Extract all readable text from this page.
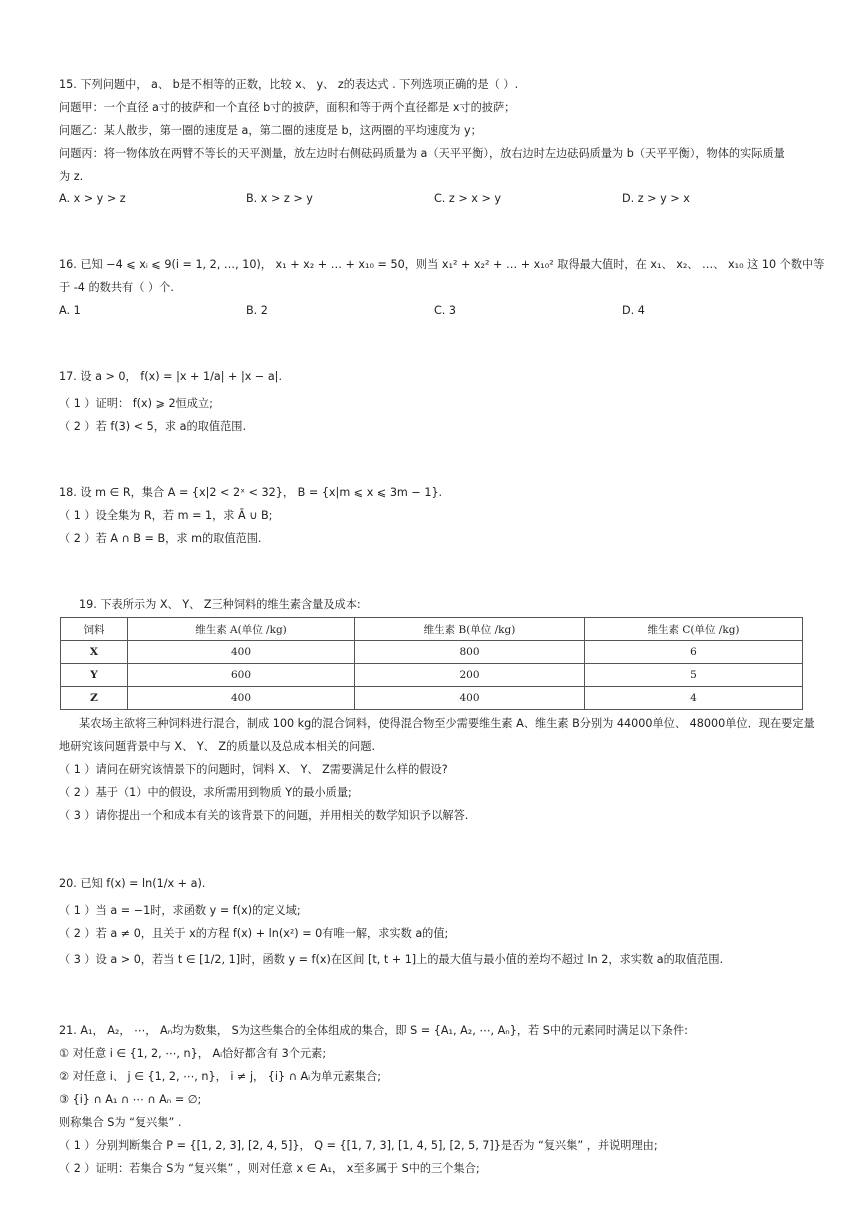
15. 下列问题中， a、 b是不相等的正数，比较 x、 y、 z的表达式 . 下列选项正确的是（ ）.
问题甲：一个直径 a寸的披萨和一个直径 b寸的披萨，面积和等于两个直径都是 x寸的披萨；
问题乙：某人散步，第一圈的速度是 a，第二圈的速度是 b，这两圈的平均速度为 y；
问题丙：将一物体放在两臂不等长的天平测量，放左边时右侧砝码质量为 a（天平平衡），放右边时左边砝码质量为 b（天平平衡），物体的实际质量
为 z.
A. x > y > z	B. x > z > y	C. z > x > y	D. z > y > x
16. 已知 −4 ⩽ xᵢ ⩽ 9(i = 1, 2, …, 10)， x₁ + x₂ + … + x₁₀ = 50，则当 x₁² + x₂² + … + x₁₀² 取得最大值时，在 x₁、 x₂、 …、 x₁₀ 这 10 个数中等
于 -4 的数共有（ ）个.
A. 1	B. 2	C. 3	D. 4
17. 设 a > 0， f(x) = |x + 1/a| + |x − a|.
（ 1 ）证明： f(x) ⩾ 2恒成立;
（ 2 ）若 f(3) < 5，求 a的取值范围.
18. 设 m ∈ R，集合 A = {x|2 < 2ˣ < 32}， B = {x|m ⩽ x ⩽ 3m − 1}.
（ 1 ）设全集为 R，若 m = 1，求 Ā ∪ B;
（ 2 ）若 A ∩ B = B，求 m的取值范围.
19. 下表所示为 X、 Y、 Z三种饲料的维生素含量及成本:
饲料	维生素 A(单位 /kg)	维生素 B(单位 /kg)	维生素 C(单位 /kg)
X	400	800	6
Y	600	200	5
Z	400	400	4
某农场主欲将三种饲料进行混合，制成 100 kg的混合饲料，使得混合物至少需要维生素 A、维生素 B分别为 44000单位、 48000单位．现在要定量
地研究该问题背景中与 X、 Y、 Z的质量以及总成本相关的问题.
（ 1 ）请问在研究该情景下的问题时，饲料 X、 Y、 Z需要满足什么样的假设?
（ 2 ）基于（1）中的假设，求所需用到物质 Y的最小质量;
（ 3 ）请你提出一个和成本有关的该背景下的问题，并用相关的数学知识予以解答.
20. 已知 f(x) = ln(1/x + a).
（ 1 ）当 a = −1时，求函数 y = f(x)的定义域;
（ 2 ）若 a ≠ 0，且关于 x的方程 f(x) + ln(x²) = 0有唯一解，求实数 a的值;
（ 3 ）设 a > 0，若当 t ∈ [1/2, 1]时，函数 y = f(x)在区间 [t, t + 1]上的最大值与最小值的差均不超过 ln 2，求实数 a的取值范围.
21. A₁， A₂， ⋯， Aₙ均为数集， S为这些集合的全体组成的集合，即 S = {A₁, A₂, ⋯, Aₙ}，若 S中的元素同时满足以下条件:
① 对任意 i ∈ {1, 2, ⋯, n}， Aᵢ恰好都含有 3个元素;
② 对任意 i、 j ∈ {1, 2, ⋯, n}， i ≠ j， {i} ∩ Aᵢ为单元素集合;
③ {i} ∩ A₁ ∩ ⋯ ∩ Aₙ = ∅;
则称集合 S为 “复兴集” .
（ 1 ）分别判断集合 P = {[1, 2, 3], [2, 4, 5]}， Q = {[1, 7, 3], [1, 4, 5], [2, 5, 7]}是否为 “复兴集” ，并说明理由;
（ 2 ）证明：若集合 S为 “复兴集” ，则对任意 x ∈ A₁， x至多属于 S中的三个集合;
